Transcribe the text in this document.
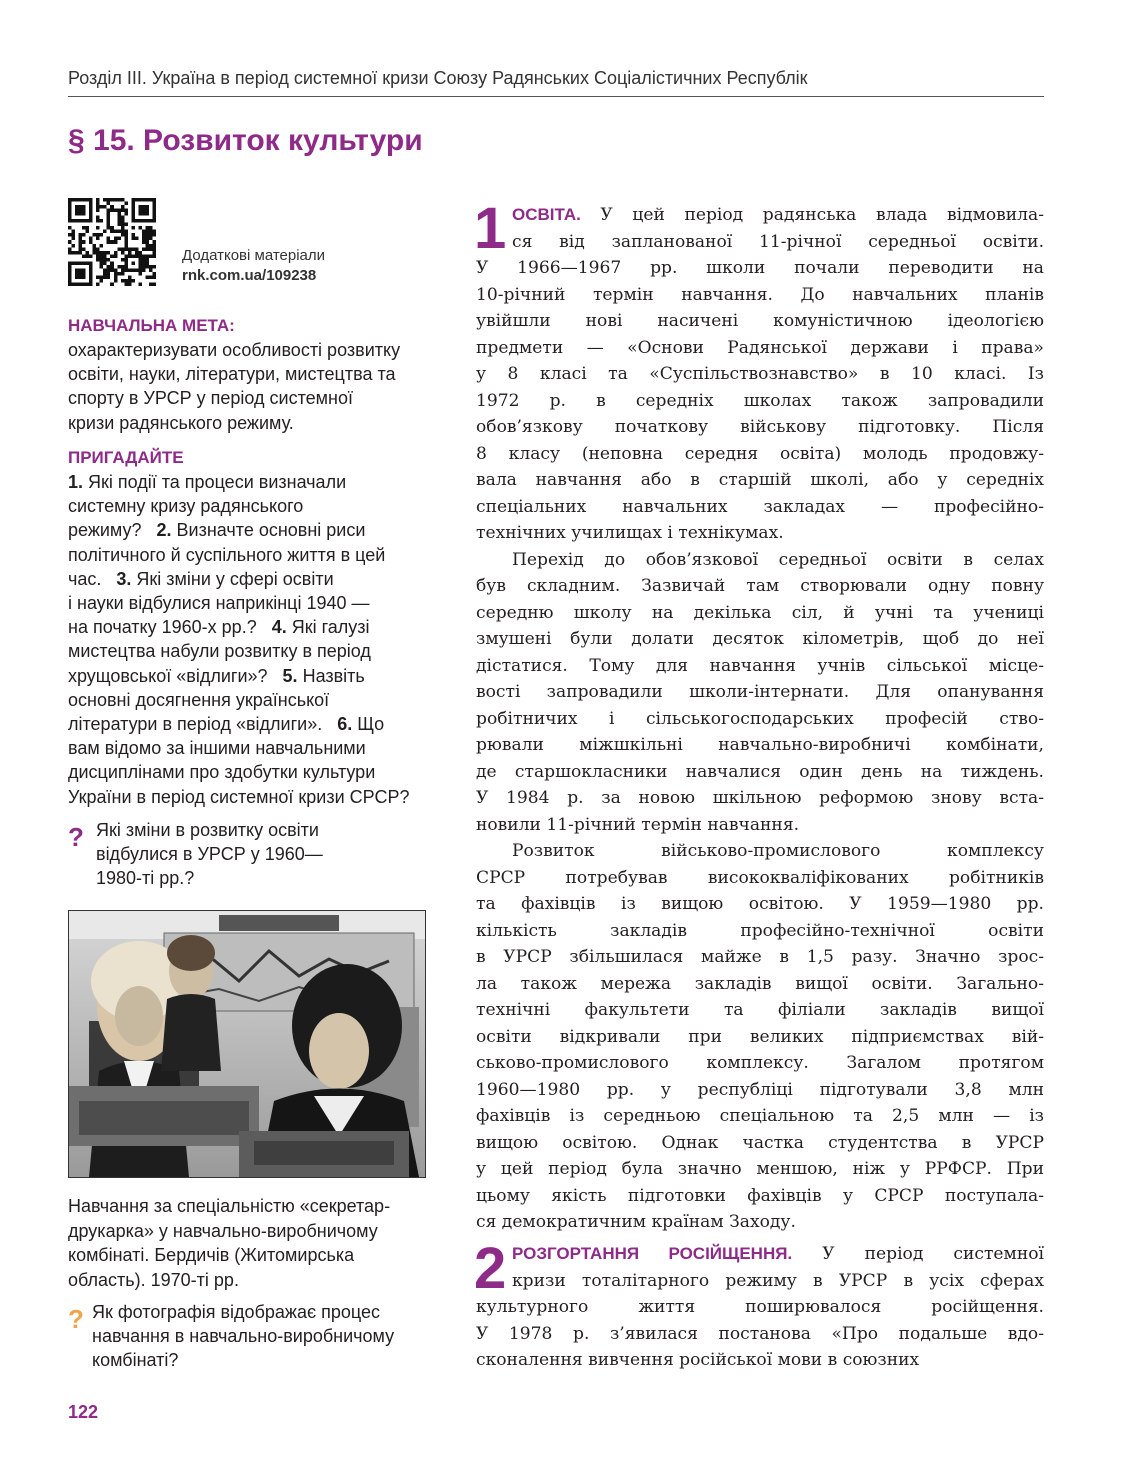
Розділ III. Україна в період системної кризи Союзу Радянських Соціалістичних Республік
§ 15. Розвиток культури
Додаткові матеріали
rnk.com.ua/109238
НАВЧАЛЬНА МЕТА:
охарактеризувати особливості розвитку
освіти, науки, літератури, мистецтва та
спорту в УРСР у період системної
кризи радянського режиму.
ПРИГАДАЙТЕ
1. Які події та процеси визначали
системну кризу радянського
режиму?   2. Визначте основні риси
політичного й суспільного життя в цей
час.   3. Які зміни у сфері освіти
і науки відбулися наприкінці 1940 —
на початку 1960-х рр.?   4. Які галузі
мистецтва набули розвитку в період
хрущовської «відлиги»?   5. Назвіть
основні досягнення української
літератури в період «відлиги».   6. Що
вам відомо за іншими навчальними
дисциплінами про здобутки культури
України в період системної кризи СРСР?
? Які зміни в розвитку освіти
відбулися в УРСР у 1960—
1980-ті рр.?
Навчання за спеціальністю «секретар-
друкарка» у навчально-виробничому
комбінаті. Бердичів (Житомирська
область). 1970-ті рр.
? Як фотографія відображає процес
навчання в навчально-виробничому
комбінаті?
122
1 ОСВІТА. У цей період радянська влада відмовила-
ся від запланованої 11-річної середньої освіти.
У 1966—1967 рр. школи почали переводити на
10-річний термін навчання. До навчальних планів
увійшли нові насичені комуністичною ідеологією
предмети — «Основи Радянської держави і права»
у 8 класі та «Суспільствознавство» в 10 класі. Із
1972 р. в середніх школах також запровадили
обов’язкову початкову військову підготовку. Після
8 класу (неповна середня освіта) молодь продовжу-
вала навчання або в старшій школі, або у середніх
спеціальних навчальних закладах — професійно-
технічних училищах і технікумах.
Перехід до обов’язкової середньої освіти в селах
був складним. Зазвичай там створювали одну повну
середню школу на декілька сіл, й учні та учениці
змушені були долати десяток кілометрів, щоб до неї
дістатися. Тому для навчання учнів сільської місце-
вості запровадили школи-інтернати. Для опанування
робітничих і сільськогосподарських професій ство-
рювали міжшкільні навчально-виробничі комбінати,
де старшокласники навчалися один день на тиждень.
У 1984 р. за новою шкільною реформою знову вста-
новили 11-річний термін навчання.
Розвиток військово-промислового комплексу
СРСР потребував висококваліфікованих робітників
та фахівців із вищою освітою. У 1959—1980 рр.
кількість закладів професійно-технічної освіти
в УРСР збільшилася майже в 1,5 разу. Значно зрос-
ла також мережа закладів вищої освіти. Загально-
технічні факультети та філіали закладів вищої
освіти відкривали при великих підприємствах вій-
ськово-промислового комплексу. Загалом протягом
1960—1980 рр. у республіці підготували 3,8 млн
фахівців із середньою спеціальною та 2,5 млн — із
вищою освітою. Однак частка студентства в УРСР
у цей період була значно меншою, ніж у РРФСР. При
цьому якість підготовки фахівців у СРСР поступала-
ся демократичним країнам Заходу.
2 РОЗГОРТАННЯ РОСІЙЩЕННЯ. У період системної
кризи тоталітарного режиму в УРСР в усіх сферах
культурного життя поширювалося російщення.
У 1978 р. з’явилася постанова «Про подальше вдо-
сконалення вивчення російської мови в союзних
